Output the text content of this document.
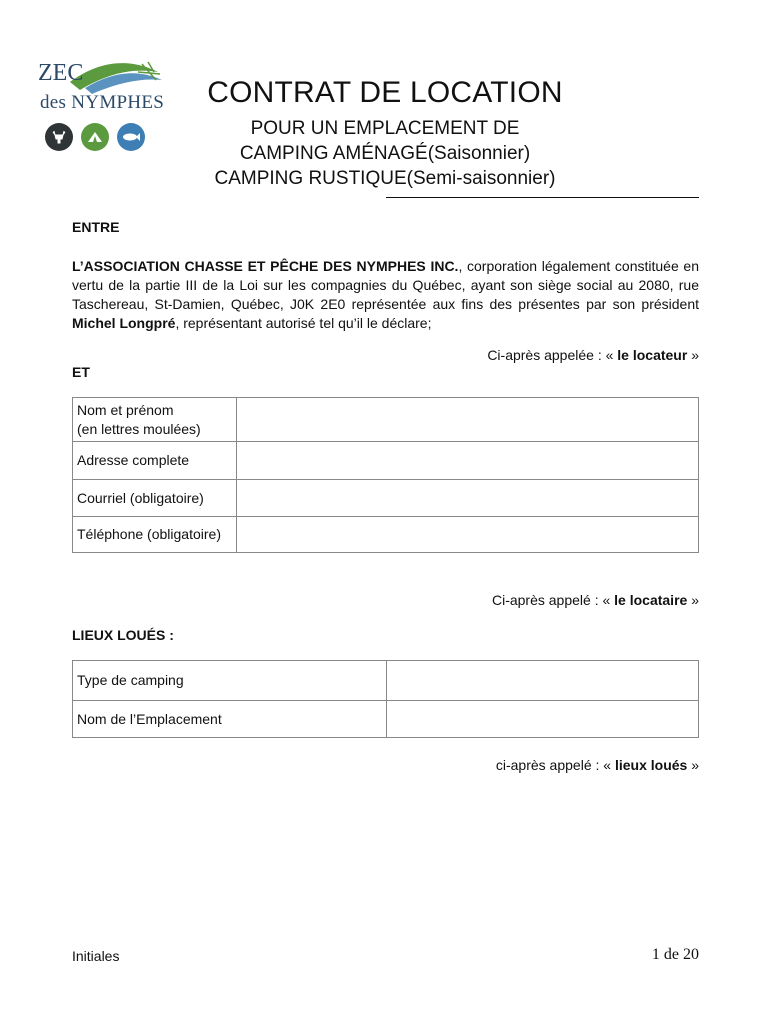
ZEC
des NYMPHES	CONTRAT DE LOCATION
POUR UN EMPLACEMENT DE
CAMPING AMÉNAGÉ(Saisonnier)
CAMPING RUSTIQUE(Semi-saisonnier)
ENTRE
L’ASSOCIATION CHASSE ET PÊCHE DES NYMPHES INC., corporation légalement constituée en vertu de la partie III de la Loi sur les compagnies du Québec, ayant son siège social au 2080, rue Taschereau, St-Damien, Québec, J0K 2E0 représentée aux fins des présentes par son président Michel Longpré, représentant autorisé tel qu’il le déclare;
Ci-après appelée : « le locateur »
ET
Nom et prénom
(en lettres moulées)	

Adresse complete	
Courriel (obligatoire)	
Téléphone (obligatoire)	
Ci-après appelé : « le locataire »
LIEUX LOUÉS :
Type de camping	
Nom de l’Emplacement	
ci-après appelé : « lieux loués »
Initiales	1 de 20
